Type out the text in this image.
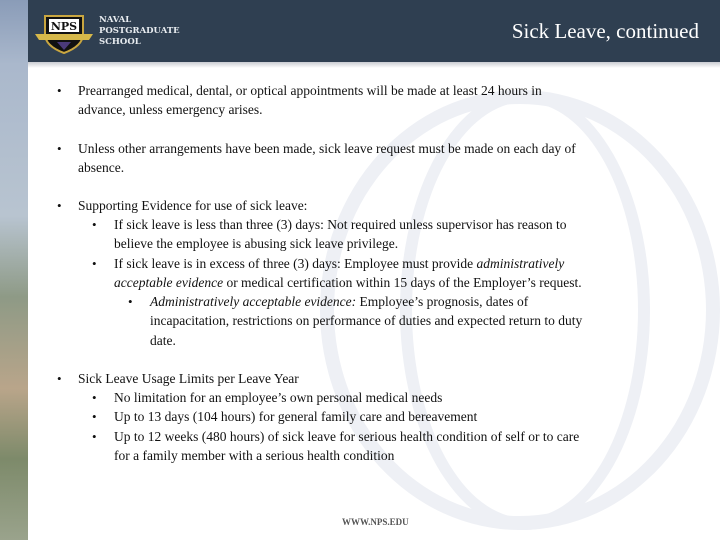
NPS	NAVAL
POSTGRADUATE
SCHOOL	Sick Leave, continued
• Prearranged medical, dental, or optical appointments will be made at least 24 hours in
advance, unless emergency arises.
• Unless other arrangements have been made, sick leave request must be made on each day of
absence.
• Supporting Evidence for use of sick leave:
• If sick leave is less than three (3) days: Not required unless supervisor has reason to
believe the employee is abusing sick leave privilege.
• If sick leave is in excess of three (3) days: Employee must provide administratively
acceptable evidence or medical certification within 15 days of the Employer’s request.
• Administratively acceptable evidence: Employee’s prognosis, dates of
incapacitation, restrictions on performance of duties and expected return to duty
date.
• Sick Leave Usage Limits per Leave Year
• No limitation for an employee’s own personal medical needs
• Up to 13 days (104 hours) for general family care and bereavement
• Up to 12 weeks (480 hours) of sick leave for serious health condition of self or to care
for a family member with a serious health condition
WWW.NPS.EDU
